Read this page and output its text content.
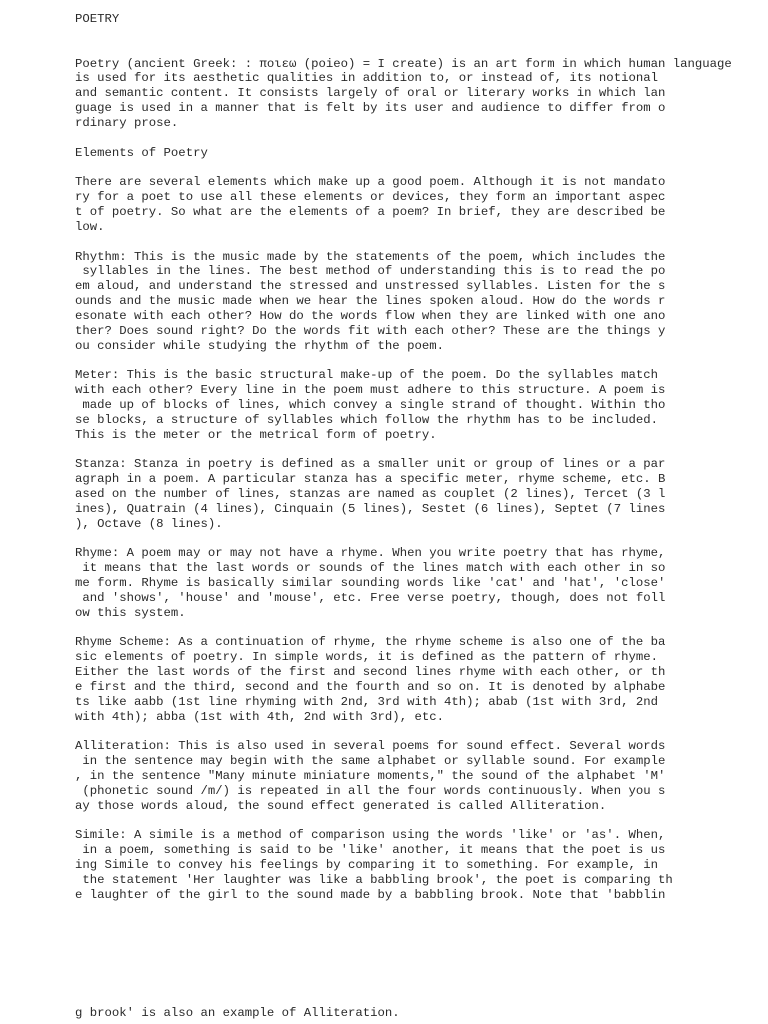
POETRY
Poetry (ancient Greek: : ποιεω (poieo) = I create) is an art form in which human language
is used for its aesthetic qualities in addition to, or instead of, its notional
and semantic content. It consists largely of oral or literary works in which lan
guage is used in a manner that is felt by its user and audience to differ from o
rdinary prose.
Elements of Poetry
There are several elements which make up a good poem. Although it is not mandato
ry for a poet to use all these elements or devices, they form an important aspec
t of poetry. So what are the elements of a poem? In brief, they are described be
low.
Rhythm: This is the music made by the statements of the poem, which includes the
syllables in the lines. The best method of understanding this is to read the po
em aloud, and understand the stressed and unstressed syllables. Listen for the s
ounds and the music made when we hear the lines spoken aloud. How do the words r
esonate with each other? How do the words flow when they are linked with one ano
ther? Does sound right? Do the words fit with each other? These are the things y
ou consider while studying the rhythm of the poem.
Meter: This is the basic structural make-up of the poem. Do the syllables match
with each other? Every line in the poem must adhere to this structure. A poem is
made up of blocks of lines, which convey a single strand of thought. Within tho
se blocks, a structure of syllables which follow the rhythm has to be included.
This is the meter or the metrical form of poetry.
Stanza: Stanza in poetry is defined as a smaller unit or group of lines or a par
agraph in a poem. A particular stanza has a specific meter, rhyme scheme, etc. B
ased on the number of lines, stanzas are named as couplet (2 lines), Tercet (3 l
ines), Quatrain (4 lines), Cinquain (5 lines), Sestet (6 lines), Septet (7 lines
), Octave (8 lines).
Rhyme: A poem may or may not have a rhyme. When you write poetry that has rhyme,
it means that the last words or sounds of the lines match with each other in so
me form. Rhyme is basically similar sounding words like 'cat' and 'hat', 'close'
and 'shows', 'house' and 'mouse', etc. Free verse poetry, though, does not foll
ow this system.
Rhyme Scheme: As a continuation of rhyme, the rhyme scheme is also one of the ba
sic elements of poetry. In simple words, it is defined as the pattern of rhyme.
Either the last words of the first and second lines rhyme with each other, or th
e first and the third, second and the fourth and so on. It is denoted by alphabe
ts like aabb (1st line rhyming with 2nd, 3rd with 4th); abab (1st with 3rd, 2nd
with 4th); abba (1st with 4th, 2nd with 3rd), etc.
Alliteration: This is also used in several poems for sound effect. Several words
in the sentence may begin with the same alphabet or syllable sound. For example
, in the sentence "Many minute miniature moments," the sound of the alphabet 'M'
(phonetic sound /m/) is repeated in all the four words continuously. When you s
ay those words aloud, the sound effect generated is called Alliteration.
Simile: A simile is a method of comparison using the words 'like' or 'as'. When,
in a poem, something is said to be 'like' another, it means that the poet is us
ing Simile to convey his feelings by comparing it to something. For example, in
the statement 'Her laughter was like a babbling brook', the poet is comparing th
e laughter of the girl to the sound made by a babbling brook. Note that 'babblin
g brook' is also an example of Alliteration.
